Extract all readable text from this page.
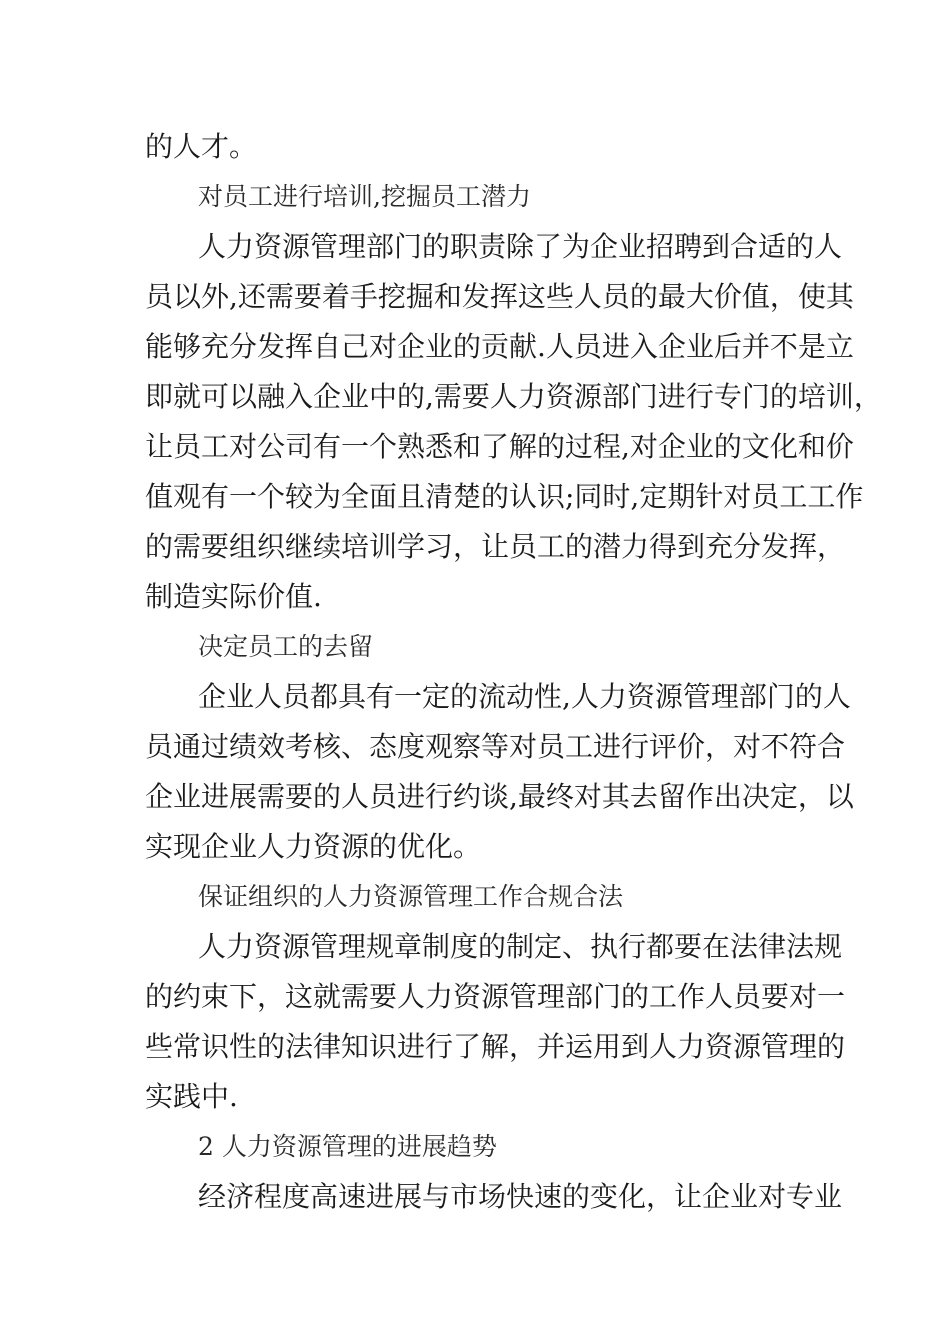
的人才。

对员工进行培训,挖掘员工潜力

人力资源管理部门的职责除了为企业招聘到合适的人

员以外,还需要着手挖掘和发挥这些人员的最大价值，使其

能够充分发挥自己对企业的贡献.人员进入企业后并不是立

即就可以融入企业中的,需要人力资源部门进行专门的培训，

让员工对公司有一个熟悉和了解的过程,对企业的文化和价

值观有一个较为全面且清楚的认识;同时,定期针对员工工作

的需要组织继续培训学习，让员工的潜力得到充分发挥，

制造实际价值.

决定员工的去留

企业人员都具有一定的流动性,人力资源管理部门的人

员通过绩效考核、态度观察等对员工进行评价，对不符合

企业进展需要的人员进行约谈,最终对其去留作出决定，以

实现企业人力资源的优化。

保证组织的人力资源管理工作合规合法

人力资源管理规章制度的制定、执行都要在法律法规

的约束下，这就需要人力资源管理部门的工作人员要对一

些常识性的法律知识进行了解，并运用到人力资源管理的

实践中.

2 人力资源管理的进展趋势

经济程度高速进展与市场快速的变化，让企业对专业
